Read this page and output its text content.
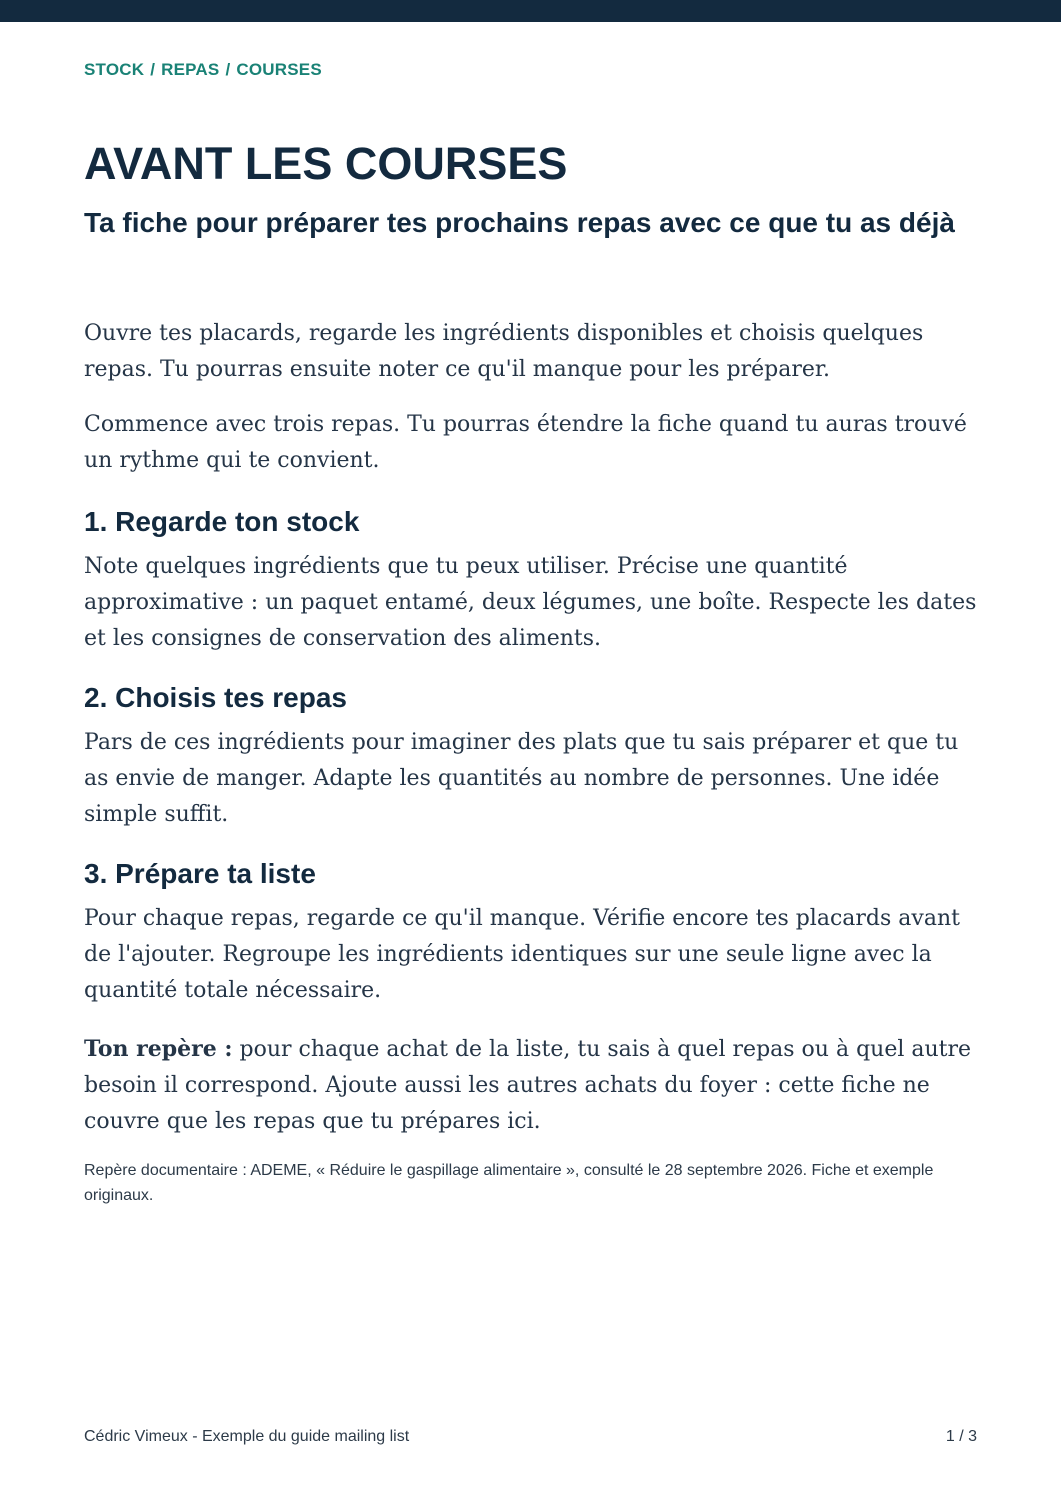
STOCK / REPAS / COURSES
AVANT LES COURSES
Ta fiche pour préparer tes prochains repas avec ce que tu as déjà

Ouvre tes placards, regarde les ingrédients disponibles et choisis quelques repas. Tu pourras ensuite noter ce qu'il manque pour les préparer.

Commence avec trois repas. Tu pourras étendre la fiche quand tu auras trouvé un rythme qui te convient.

1. Regarde ton stock

Note quelques ingrédients que tu peux utiliser. Précise une quantité approximative : un paquet entamé, deux légumes, une boîte. Respecte les dates et les consignes de conservation des aliments.

2. Choisis tes repas

Pars de ces ingrédients pour imaginer des plats que tu sais préparer et que tu as envie de manger. Adapte les quantités au nombre de personnes. Une idée simple suffit.

3. Prépare ta liste

Pour chaque repas, regarde ce qu'il manque. Vérifie encore tes placards avant de l'ajouter. Regroupe les ingrédients identiques sur une seule ligne avec la quantité totale nécessaire.

Ton repère : pour chaque achat de la liste, tu sais à quel repas ou à quel autre besoin il correspond. Ajoute aussi les autres achats du foyer : cette fiche ne couvre que les repas que tu prépares ici.

Repère documentaire : ADEME, « Réduire le gaspillage alimentaire », consulté le 28 septembre 2026. Fiche et exemple originaux.

Cédric Vimeux - Exemple du guide mailing list	1 / 3
